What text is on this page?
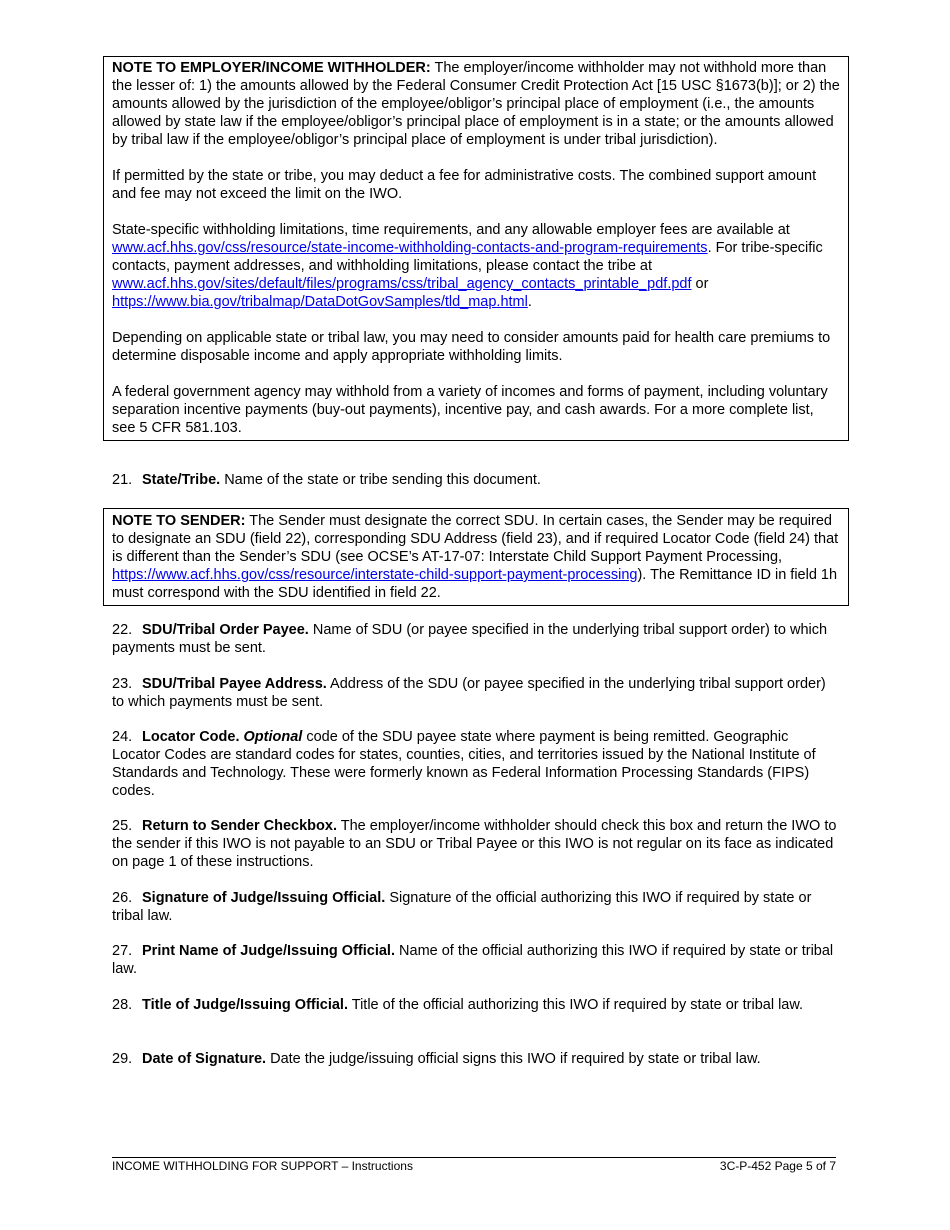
NOTE TO EMPLOYER/INCOME WITHHOLDER: The employer/income withholder may not withhold more than the lesser of: 1) the amounts allowed by the Federal Consumer Credit Protection Act [15 USC §1673(b)]; or 2) the amounts allowed by the jurisdiction of the employee/obligor’s principal place of employment (i.e., the amounts allowed by state law if the employee/obligor’s principal place of employment is in a state; or the amounts allowed by tribal law if the employee/obligor’s principal place of employment is under tribal jurisdiction).

If permitted by the state or tribe, you may deduct a fee for administrative costs. The combined support amount and fee may not exceed the limit on the IWO.

State-specific withholding limitations, time requirements, and any allowable employer fees are available at www.acf.hhs.gov/css/resource/state-income-withholding-contacts-and-program-requirements. For tribe-specific contacts, payment addresses, and withholding limitations, please contact the tribe at www.acf.hhs.gov/sites/default/files/programs/css/tribal_agency_contacts_printable_pdf.pdf or https://www.bia.gov/tribalmap/DataDotGovSamples/tld_map.html.

Depending on applicable state or tribal law, you may need to consider amounts paid for health care premiums to determine disposable income and apply appropriate withholding limits.

A federal government agency may withhold from a variety of incomes and forms of payment, including voluntary separation incentive payments (buy-out payments), incentive pay, and cash awards. For a more complete list, see 5 CFR 581.103.

21. State/Tribe. Name of the state or tribe sending this document.

NOTE TO SENDER: The Sender must designate the correct SDU. In certain cases, the Sender may be required to designate an SDU (field 22), corresponding SDU Address (field 23), and if required Locator Code (field 24) that is different than the Sender’s SDU (see OCSE’s AT-17-07: Interstate Child Support Payment Processing, https://www.acf.hhs.gov/css/resource/interstate-child-support-payment-processing). The Remittance ID in field 1h must correspond with the SDU identified in field 22.

22. SDU/Tribal Order Payee. Name of SDU (or payee specified in the underlying tribal support order) to which payments must be sent.

23. SDU/Tribal Payee Address. Address of the SDU (or payee specified in the underlying tribal support order) to which payments must be sent.

24. Locator Code. Optional code of the SDU payee state where payment is being remitted. Geographic Locator Codes are standard codes for states, counties, cities, and territories issued by the National Institute of Standards and Technology. These were formerly known as Federal Information Processing Standards (FIPS) codes.

25. Return to Sender Checkbox. The employer/income withholder should check this box and return the IWO to the sender if this IWO is not payable to an SDU or Tribal Payee or this IWO is not regular on its face as indicated on page 1 of these instructions.

26. Signature of Judge/Issuing Official. Signature of the official authorizing this IWO if required by state or tribal law.

27. Print Name of Judge/Issuing Official. Name of the official authorizing this IWO if required by state or tribal law.

28. Title of Judge/Issuing Official. Title of the official authorizing this IWO if required by state or tribal law.

29. Date of Signature. Date the judge/issuing official signs this IWO if required by state or tribal law.

INCOME WITHHOLDING FOR SUPPORT – Instructions	3C-P-452 Page 5 of 7
